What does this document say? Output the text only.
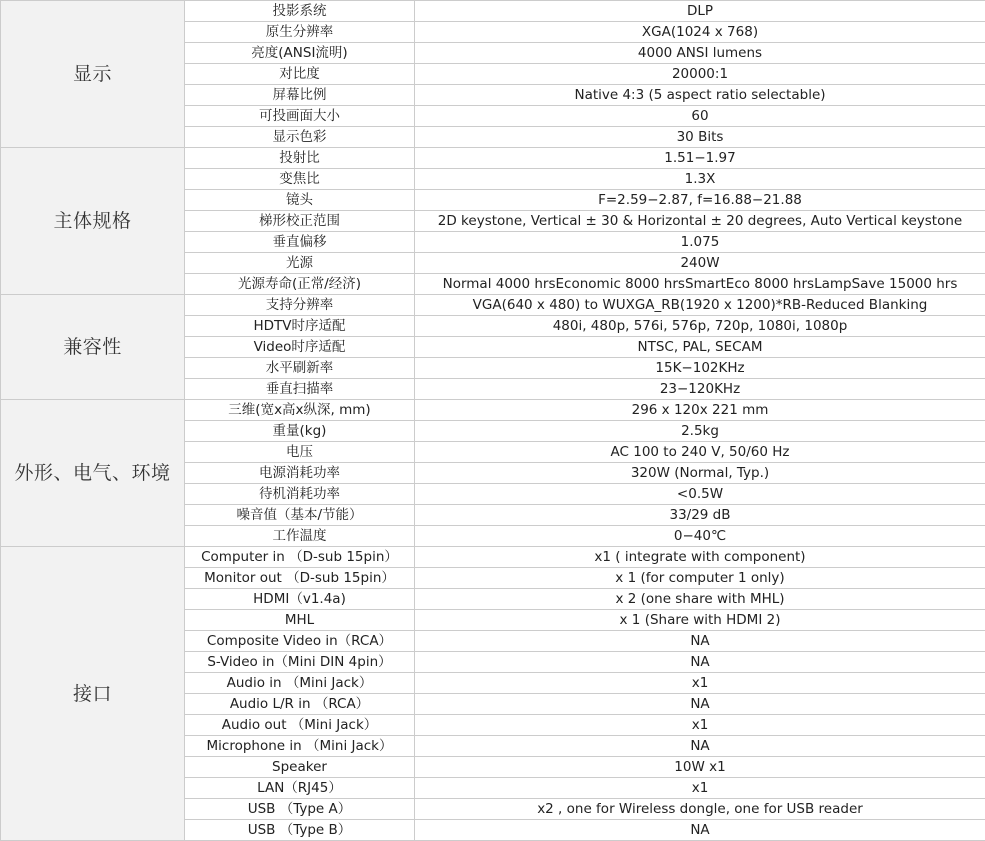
显示	投影系统	DLP
	原生分辨率	XGA(1024 x 768)
	亮度(ANSI流明)	4000 ANSI lumens
	对比度	20000:1
	屏幕比例	Native 4:3 (5 aspect ratio selectable)
	可投画面大小	60
	显示色彩	30 Bits
主体规格	投射比	1.51−1.97
	变焦比	1.3X
	镜头	F=2.59−2.87, f=16.88−21.88
	梯形校正范围	2D keystone, Vertical ± 30 & Horizontal ± 20 degrees, Auto Vertical keystone
	垂直偏移	1.075
	光源	240W
	光源寿命(正常/经济)	Normal 4000 hrsEconomic 8000 hrsSmartEco 8000 hrsLampSave 15000 hrs
兼容性	支持分辨率	VGA(640 x 480) to WUXGA_RB(1920 x 1200)*RB-Reduced Blanking
	HDTV时序适配	480i, 480p, 576i, 576p, 720p, 1080i, 1080p
	Video时序适配	NTSC, PAL, SECAM
	水平刷新率	15K−102KHz
	垂直扫描率	23−120KHz
外形、电气、环境	三维(宽x高x纵深, mm)	296 x 120x 221 mm
	重量(kg)	2.5kg
	电压	AC 100 to 240 V, 50/60 Hz
	电源消耗功率	320W (Normal, Typ.)
	待机消耗功率	<0.5W
	噪音值（基本/节能）	33/29 dB
	工作温度	0−40℃
接口	Computer in （D-sub 15pin）	x1 ( integrate with component)
	Monitor out （D-sub 15pin）	x 1 (for computer 1 only)
	HDMI（v1.4a)	x 2 (one share with MHL)
	MHL	x 1 (Share with HDMI 2)
	Composite Video in（RCA）	NA
	S-Video in（Mini DIN 4pin）	NA
	Audio in （Mini Jack）	x1
	Audio L/R in （RCA）	NA
	Audio out （Mini Jack）	x1
	Microphone in （Mini Jack）	NA
	Speaker	10W x1
	LAN（RJ45）	x1
	USB （Type A）	x2 , one for Wireless dongle, one for USB reader
	USB （Type B）	NA
